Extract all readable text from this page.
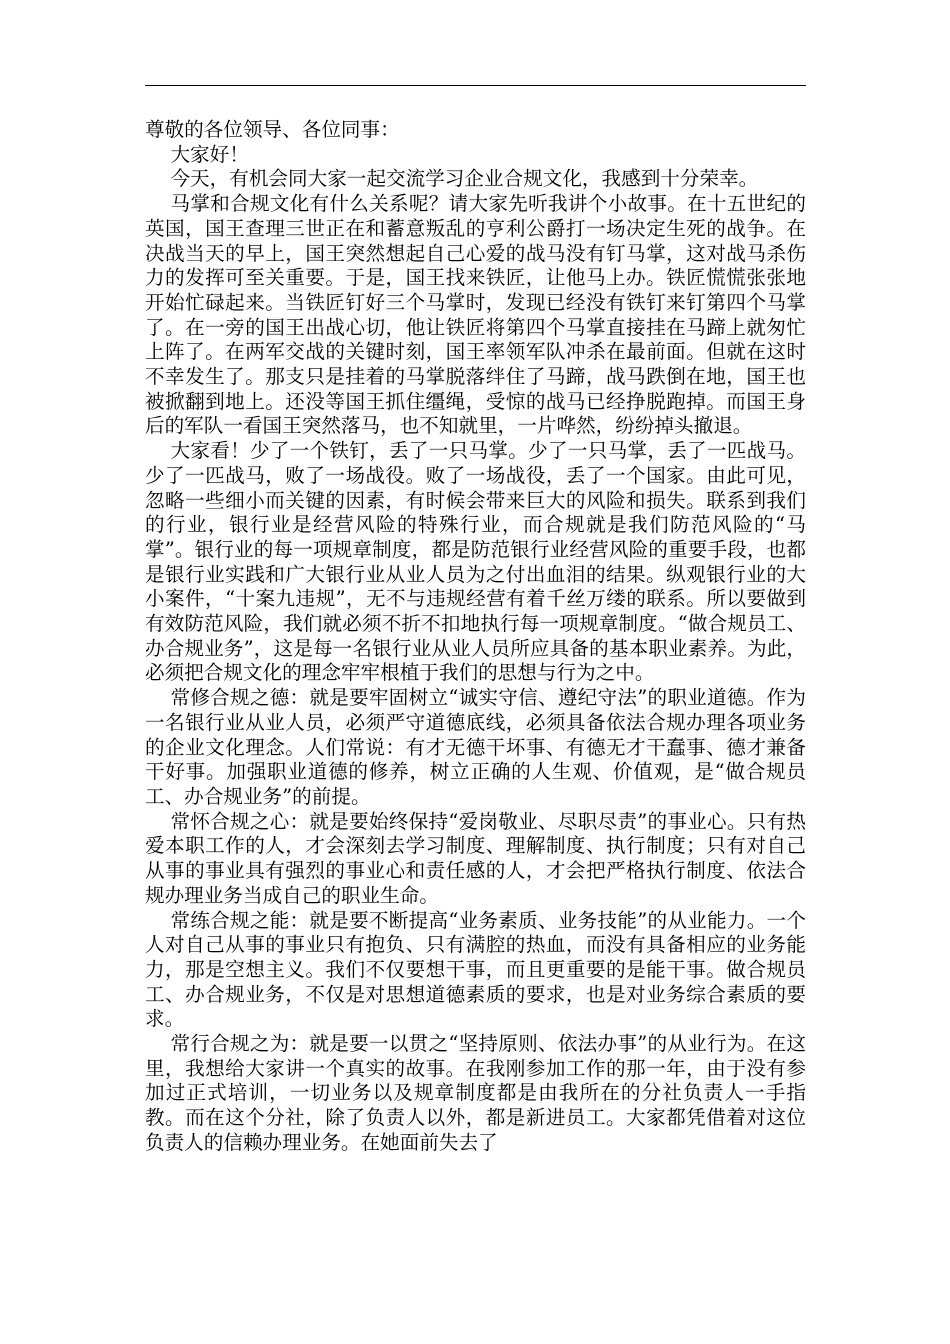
尊敬的各位领导、各位同事：

大家好！

今天，有机会同大家一起交流学习企业合规文化，我感到十分荣幸。

马掌和合规文化有什么关系呢？请大家先听我讲个小故事。在十五世纪的英国，国王查理三世正在和蓄意叛乱的亨利公爵打一场决定生死的战争。在决战当天的早上，国王突然想起自己心爱的战马没有钉马掌，这对战马杀伤力的发挥可至关重要。于是，国王找来铁匠，让他马上办。铁匠慌慌张张地开始忙碌起来。当铁匠钉好三个马掌时，发现已经没有铁钉来钉第四个马掌了。在一旁的国王出战心切，他让铁匠将第四个马掌直接挂在马蹄上就匆忙上阵了。在两军交战的关键时刻，国王率领军队冲杀在最前面。但就在这时不幸发生了。那支只是挂着的马掌脱落绊住了马蹄，战马跌倒在地，国王也被掀翻到地上。还没等国王抓住缰绳，受惊的战马已经挣脱跑掉。而国王身后的军队一看国王突然落马，也不知就里，一片哗然，纷纷掉头撤退。

大家看！少了一个铁钉，丢了一只马掌。少了一只马掌，丢了一匹战马。少了一匹战马，败了一场战役。败了一场战役，丢了一个国家。由此可见，忽略一些细小而关键的因素，有时候会带来巨大的风险和损失。联系到我们的行业，银行业是经营风险的特殊行业，而合规就是我们防范风险的“马掌”。银行业的每一项规章制度，都是防范银行业经营风险的重要手段，也都是银行业实践和广大银行业从业人员为之付出血泪的结果。纵观银行业的大小案件，“十案九违规”，无不与违规经营有着千丝万缕的联系。所以要做到有效防范风险，我们就必须不折不扣地执行每一项规章制度。“做合规员工、办合规业务”，这是每一名银行业从业人员所应具备的基本职业素养。为此，必须把合规文化的理念牢牢根植于我们的思想与行为之中。

常修合规之德：就是要牢固树立“诚实守信、遵纪守法”的职业道德。作为一名银行业从业人员，必须严守道德底线，必须具备依法合规办理各项业务的企业文化理念。人们常说：有才无德干坏事、有德无才干蠢事、德才兼备干好事。加强职业道德的修养，树立正确的人生观、价值观，是“做合规员工、办合规业务”的前提。

常怀合规之心：就是要始终保持“爱岗敬业、尽职尽责”的事业心。只有热爱本职工作的人，才会深刻去学习制度、理解制度、执行制度；只有对自己从事的事业具有强烈的事业心和责任感的人，才会把严格执行制度、依法合规办理业务当成自己的职业生命。

常练合规之能：就是要不断提高“业务素质、业务技能”的从业能力。一个人对自己从事的事业只有抱负、只有满腔的热血，而没有具备相应的业务能力，那是空想主义。我们不仅要想干事，而且更重要的是能干事。做合规员工、办合规业务，不仅是对思想道德素质的要求，也是对业务综合素质的要求。

常行合规之为：就是要一以贯之“坚持原则、依法办事”的从业行为。在这里，我想给大家讲一个真实的故事。在我刚参加工作的那一年，由于没有参加过正式培训，一切业务以及规章制度都是由我所在的分社负责人一手指教。而在这个分社，除了负责人以外，都是新进员工。大家都凭借着对这位负责人的信赖办理业务。在她面前失去了
